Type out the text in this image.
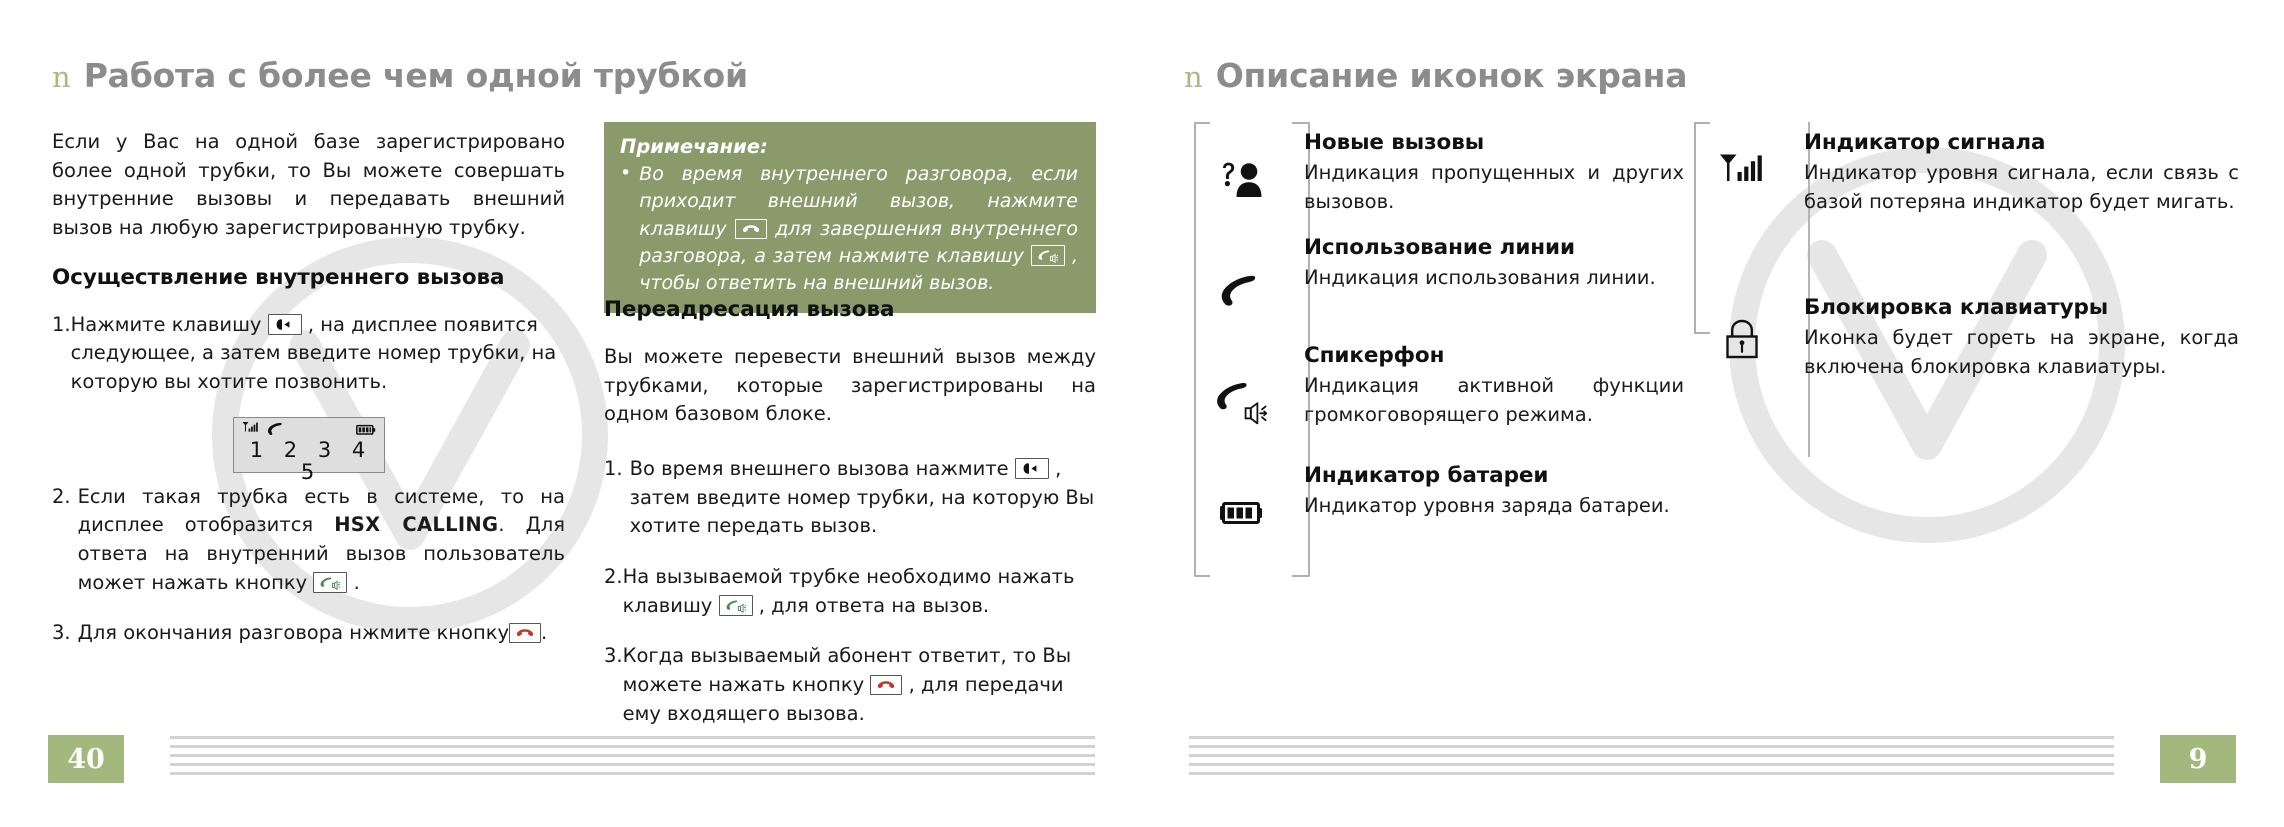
n Работа с более чем одной трубкой

Если у Вас на одной базе зарегистрировано более одной трубки, то Вы можете совершать внутренние вызовы и передавать внешний вызов на любую зарегистрированную трубку.

Осуществление внутреннего вызова
1. Нажмите клавишу , на дисплее появится следующее, а затем введите номер трубки, на которую вы хотите позвонить.
1 2 3 4 5
2. Если такая трубка есть в системе, то на дисплее отобразится HSX CALLING. Для ответа на внутренний вызов пользователь может нажать кнопку .
3. Для окончания разговора нжмите кнопку .

Примечание:

• Во время внутреннего разговора, если приходит внешний вызов, нажмите клавишу	для завершения внутреннего разговора, а затем нажмите клавишу	, чтобы ответить на внешний вызов.
Переадресация вызова

Вы можете перевести внешний вызов между трубками, которые зарегистрированы на одном базовом блоке.

1. Во время внешнего вызова нажмите , затем введите номер трубки, на которую Вы хотите передать вызов.
2. На вызываемой трубке необходимо нажать клавишу , для ответа на вызов.
3. Когда вызываемый абонент ответит, то Вы можете нажать кнопку , для передачи ему входящего вызова.
40
n Описание иконок экрана

Новые вызовы

Индикация пропущенных и других вызовов.

Использование линии

Индикация использования линии.

Спикерфон

Индикация активной функции громкоговорящего режима.

Индикатор батареи

Индикатор уровня заряда батареи.

Индикатор сигнала

Индикатор уровня сигнала, если связь с базой потеряна индикатор будет мигать.

Блокировка клавиатуры

Иконка будет гореть на экране, когда включена блокировка клавиатуры.

9
